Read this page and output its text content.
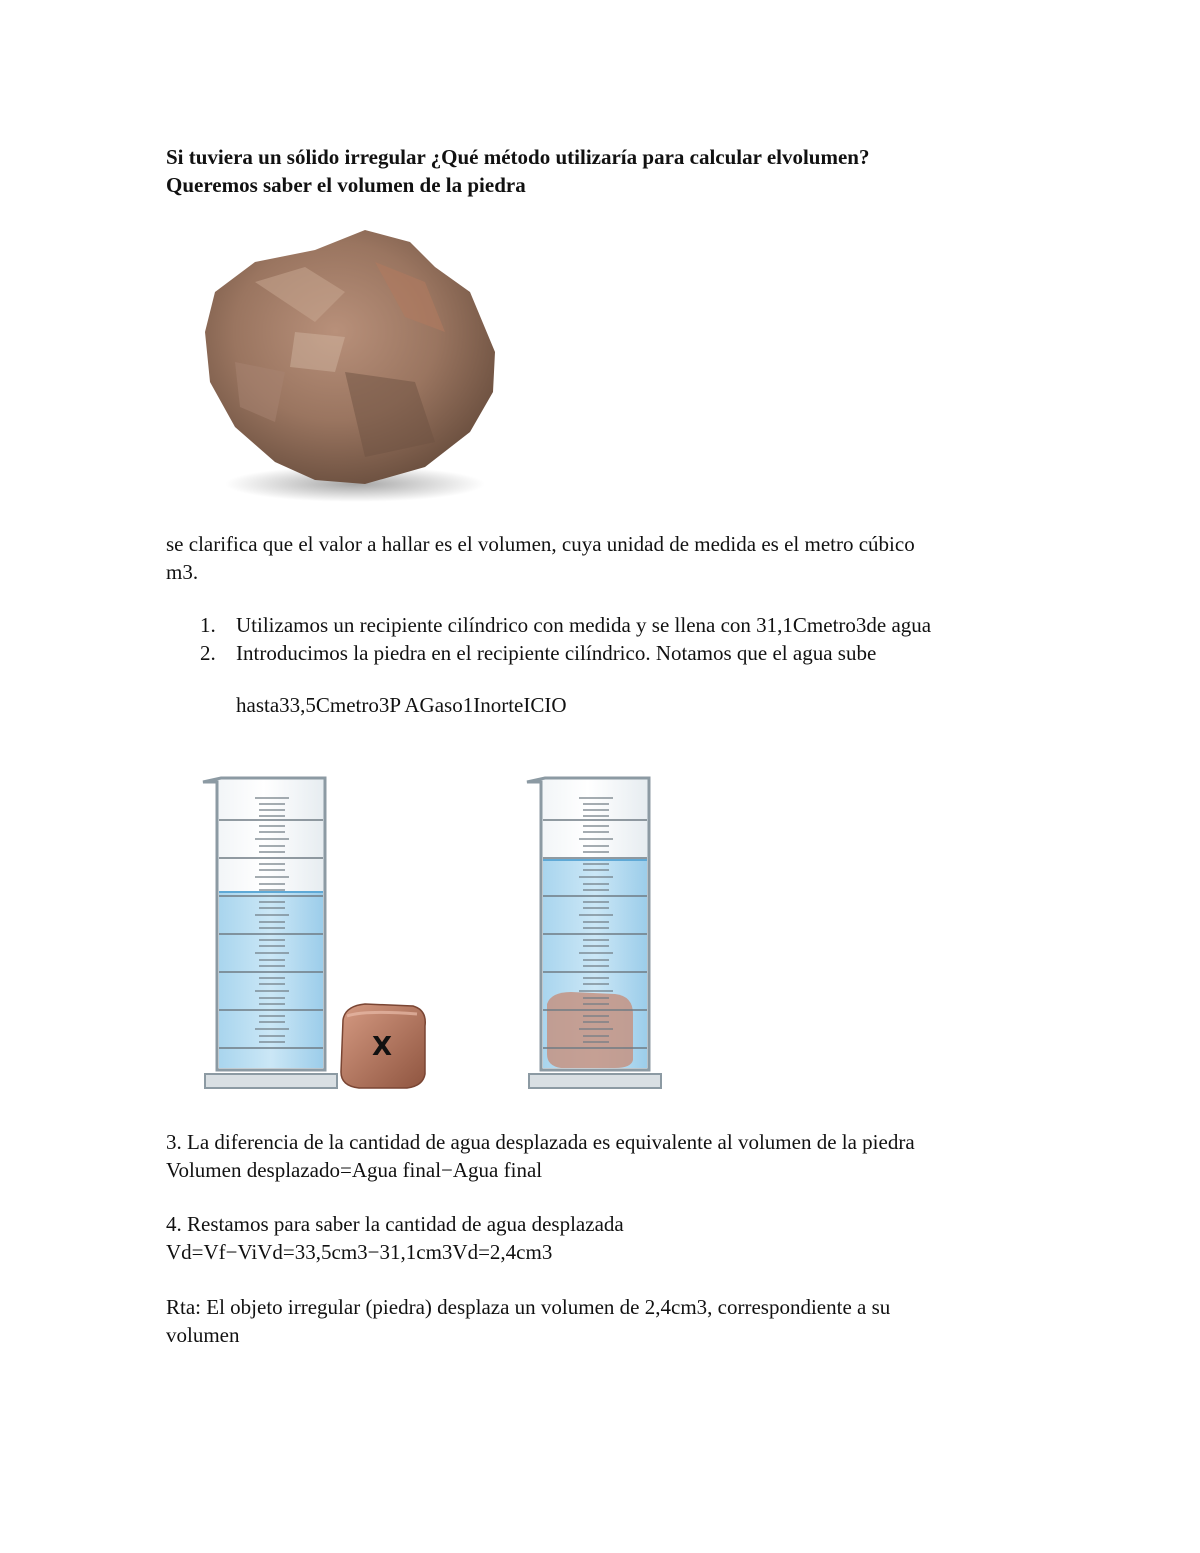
Si tuviera un sólido irregular ¿Qué método utilizaría para calcular elvolumen?
Queremos saber el volumen de la piedra
se clarifica que el valor a hallar es el volumen, cuya unidad de medida es el metro cúbico
m3.
1. Utilizamos un recipiente cilíndrico con medida y se llena con 31,1Cmetro3de agua
2. Introducimos la piedra en el recipiente cilíndrico. Notamos que el agua sube
hasta33,5Cmetro3P AGaso1InorteICIO
X
3. La diferencia de la cantidad de agua desplazada es equivalente al volumen de la piedra
Volumen desplazado=Agua final−Agua final
4. Restamos para saber la cantidad de agua desplazada
Vd=Vf−ViVd=33,5cm3−31,1cm3Vd=2,4cm3
Rta: El objeto irregular (piedra) desplaza un volumen de 2,4cm3, correspondiente a su
volumen
